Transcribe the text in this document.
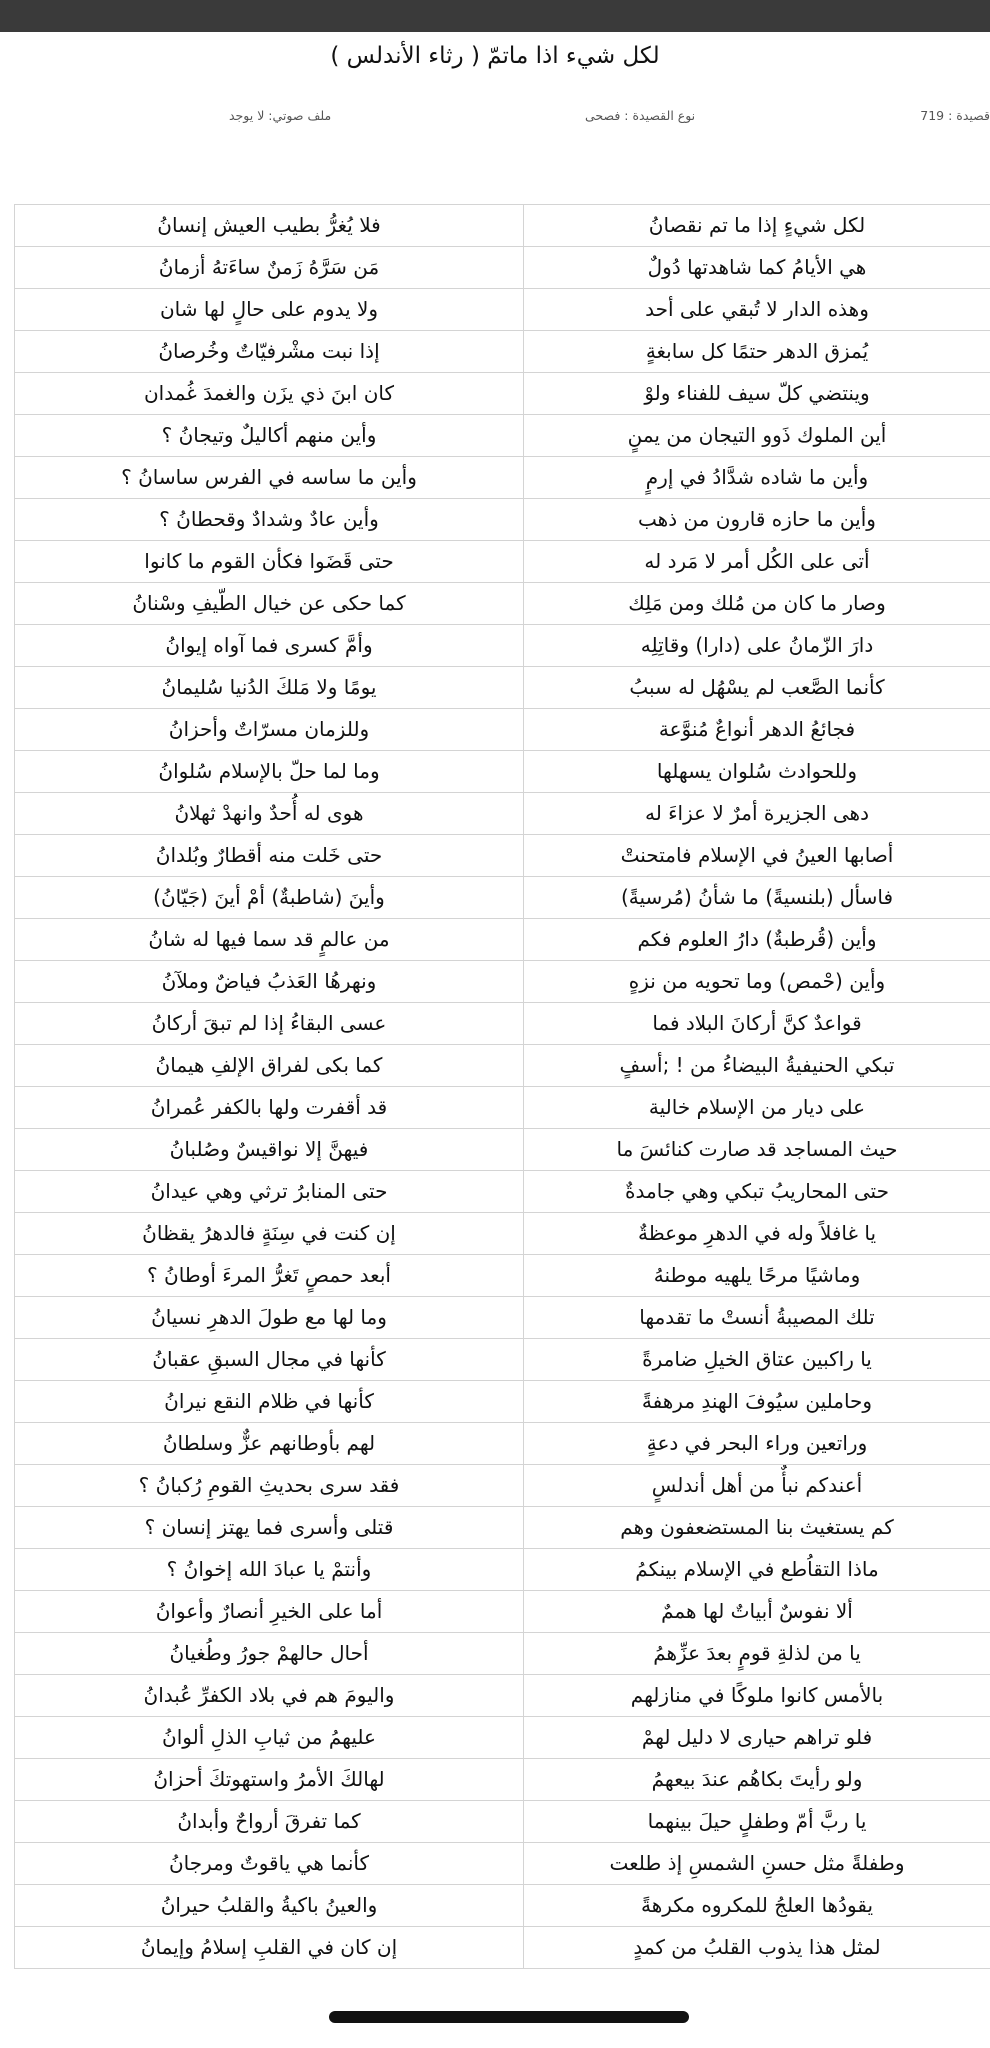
لكل شيء اذا ماتمّ ( رثاء الأندلس )
قصيدة : 719
نوع القصيدة : فصحى
ملف صوتي: لا يوجد
فلا يُغرُّ بطيب العيش إنسانُ	لكل شيءٍ إذا ما تم نقصانُ
مَن سَرَّهُ زَمنٌ ساءَتهُ أزمانُ	هي الأيامُ كما شاهدتها دُولٌ
ولا يدوم على حالٍ لها شان	وهذه الدار لا تُبقي على أحد
إذا نبت مشْرفيّاتٌ وخُرصانُ	يُمزق الدهر حتمًا كل سابغةٍ
كان ابنَ ذي يزَن والغمدَ غُمدان	وينتضي كلّ سيف للفناء ولوْ
وأين منهم أكاليلٌ وتيجانُ ؟	أين الملوك ذَوو التيجان من يمنٍ
وأين ما ساسه في الفرس ساسانُ ؟	وأين ما شاده شدَّادُ في إرمٍ
وأين عادٌ وشدادٌ وقحطانُ ؟	وأين ما حازه قارون من ذهب
حتى قَضَوا فكأن القوم ما كانوا	أتى على الكُل أمر لا مَرد له
كما حكى عن خيال الطّيفِ وسْنانُ	وصار ما كان من مُلك ومن مَلِك
وأمَّ كسرى فما آواه إيوانُ	دارَ الزّمانُ على (دارا) وقاتِلِه
يومًا ولا مَلكَ الدُنيا سُليمانُ	كأنما الصَّعب لم يسْهُل له سببُ
وللزمان مسرّاتٌ وأحزانُ	فجائعُ الدهر أنواعٌ مُنوَّعة
وما لما حلّ بالإسلام سُلوانُ	وللحوادث سُلوان يسهلها
هوى له أُحدٌ وانهدْ ثهلانُ	دهى الجزيرة أمرٌ لا عزاءَ له
حتى خَلت منه أقطارٌ وبُلدانُ	أصابها العينُ في الإسلام فامتحنتْ
وأينَ (شاطبةٌ) أمْ أينَ (جَيّانُ)	فاسأل (بلنسيةً) ما شأنُ (مُرسيةً)
من عالمٍ قد سما فيها له شانُ	وأين (قُرطبةٌ) دارُ العلوم فكم
ونهرهُا العَذبُ فياضٌ وملآنُ	وأين (حْمص) وما تحويه من نزهٍ
عسى البقاءُ إذا لم تبقَ أركانُ	قواعدٌ كنَّ أركانَ البلاد فما
كما بكى لفراق الإلفِ هيمانُ	تبكي الحنيفيةُ البيضاءُ من ! ;أسفٍ
قد أقفرت ولها بالكفر عُمرانُ	على ديار من الإسلام خالية
فيهنَّ إلا نواقيسٌ وصُلبانُ	حيث المساجد قد صارت كنائسَ ما
حتى المنابرُ ترثي وهي عيدانُ	حتى المحاريبُ تبكي وهي جامدةٌ
إن كنت في سِنَةٍ فالدهرُ يقظانُ	يا غافلاً وله في الدهرِ موعظةٌ
أبعد حمصٍ تَغرُّ المرءَ أوطانُ ؟	وماشيًا مرحًا يلهيه موطنهُ
وما لها مع طولَ الدهرِ نسيانُ	تلك المصيبةُ أنستْ ما تقدمها
كأنها في مجال السبقِ عقبانُ	يا راكبين عتاق الخيلِ ضامرةً
كأنها في ظلام النقع نيرانُ	وحاملين سيُوفَ الهندِ مرهفةً
لهم بأوطانهم عزٌّ وسلطانُ	وراتعين وراء البحر في دعةٍ
فقد سرى بحديثِ القومِ رُكبانُ ؟	أعندكم نبأٌ من أهل أندلسٍ
قتلى وأسرى فما يهتز إنسان ؟	كم يستغيث بنا المستضعفون وهم
وأنتمْ يا عبادَ الله إخوانُ ؟	ماذا التقاُطع في الإسلام بينكمُ
أما على الخيرِ أنصارٌ وأعوانُ	ألا نفوسٌ أبياتٌ لها هممٌ
أحال حالهمْ جورُ وطُغيانُ	يا من لذلةِ قومٍ بعدَ عزِّهمُ
واليومَ هم في بلاد الكفرِّ عُبدانُ	بالأمس كانوا ملوكًا في منازلهم
عليهمُ من ثيابِ الذلِ ألوانُ	فلو تراهم حيارى لا دليل لهمْ
لهالكَ الأمرُ واستهوتكَ أحزانُ	ولو رأيتَ بكاهُم عندَ بيعهمُ
كما تفرقَ أرواحٌ وأبدانُ	يا ربَّ أمّ وطفلٍ حيلَ بينهما
كأنما هي ياقوتٌ ومرجانُ	وطفلةً مثل حسنِ الشمسِ إذ طلعت
والعينُ باكيةُ والقلبُ حيرانُ	يقودُها العلجُ للمكروه مكرهةً
إن كان في القلبِ إسلامُ وإيمانُ	لمثل هذا يذوب القلبُ من كمدٍ
